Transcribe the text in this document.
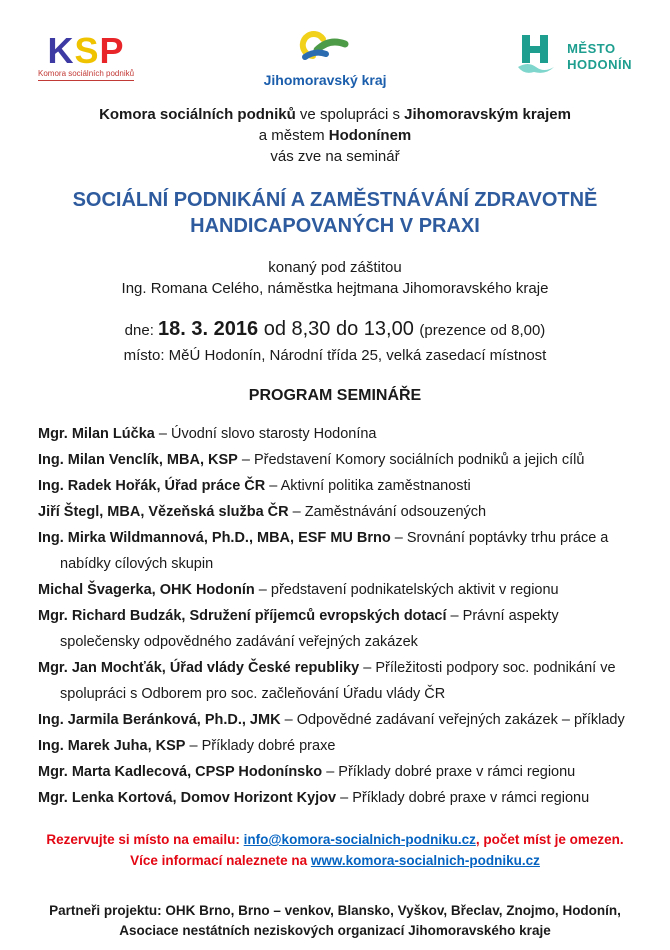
KSP
Komora sociálních podniků	Jihomoravský kraj
MĚSTO
HODONÍN
Komora sociálních podniků ve spolupráci s Jihomoravským krajem
a městem Hodonínem
vás zve na seminář
SOCIÁLNÍ PODNIKÁNÍ A ZAMĚSTNÁVÁNÍ ZDRAVOTNĚ
HANDICAPOVANÝCH V PRAXI
konaný pod záštitou
Ing. Romana Celého, náměstka hejtmana Jihomoravského kraje
dne: 18. 3. 2016 od 8,30 do 13,00 (prezence od 8,00)
místo: MěÚ Hodonín, Národní třída 25, velká zasedací místnost
PROGRAM SEMINÁŘE

Mgr. Milan Lúčka – Úvodní slovo starosty Hodonína

Ing. Milan Venclík, MBA, KSP – Představení Komory sociálních podniků a jejich cílů

Ing. Radek Hořák, Úřad práce ČR – Aktivní politika zaměstnanosti

Jiří Štegl, MBA, Vězeňská služba ČR – Zaměstnávání odsouzených

Ing. Mirka Wildmannová, Ph.D., MBA, ESF MU Brno – Srovnání poptávky trhu práce a nabídky cílových skupin

Michal Švagerka, OHK Hodonín – představení podnikatelských aktivit v regionu

Mgr. Richard Budzák, Sdružení příjemců evropských dotací – Právní aspekty společensky odpovědného zadávání veřejných zakázek

Mgr. Jan Mochťák, Úřad vlády České republiky – Příležitosti podpory soc. podnikání ve spolupráci s Odborem pro soc. začleňování Úřadu vlády ČR

Ing. Jarmila Beránková, Ph.D., JMK – Odpovědné zadávaní veřejných zakázek – příklady

Ing. Marek Juha, KSP – Příklady dobré praxe

Mgr. Marta Kadlecová, CPSP Hodonínsko – Příklady dobré praxe v rámci regionu

Mgr. Lenka Kortová, Domov Horizont Kyjov – Příklady dobré praxe v rámci regionu

Rezervujte si místo na emailu: info@komora-socialnich-podniku.cz, počet míst je omezen.
Více informací naleznete na www.komora-socialnich-podniku.cz
Partneři projektu: OHK Brno, Brno – venkov, Blansko, Vyškov, Břeclav, Znojmo, Hodonín,
Asociace nestátních neziskových organizací Jihomoravského kraje
